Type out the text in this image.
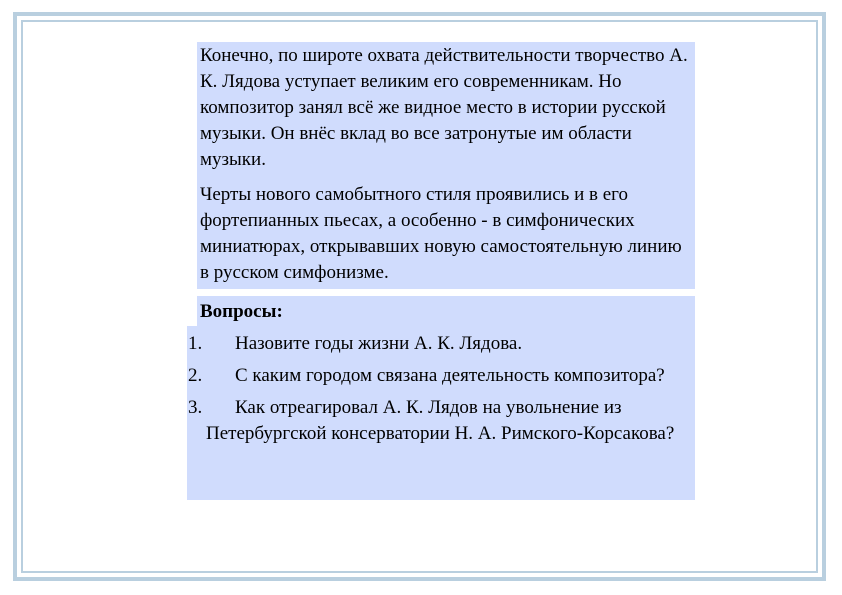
Конечно, по широте охвата действительности творчество А. К. Лядова уступает великим его современникам. Но композитор занял всё же видное место в истории русской музыки. Он внёс вклад во все затронутые им области музыки.
Черты нового самобытного стиля проявились и в его фортепианных пьесах, а особенно - в симфонических миниатюрах, открывавших новую самостоятельную линию в русском симфонизме.
Вопросы:
1.	Назовите годы жизни А. К. Лядова.
2.	С каким городом связана деятельность композитора?
3.	Как отреагировал А. К. Лядов на увольнение из Петербургской консерватории Н. А. Римского-Корсакова?
